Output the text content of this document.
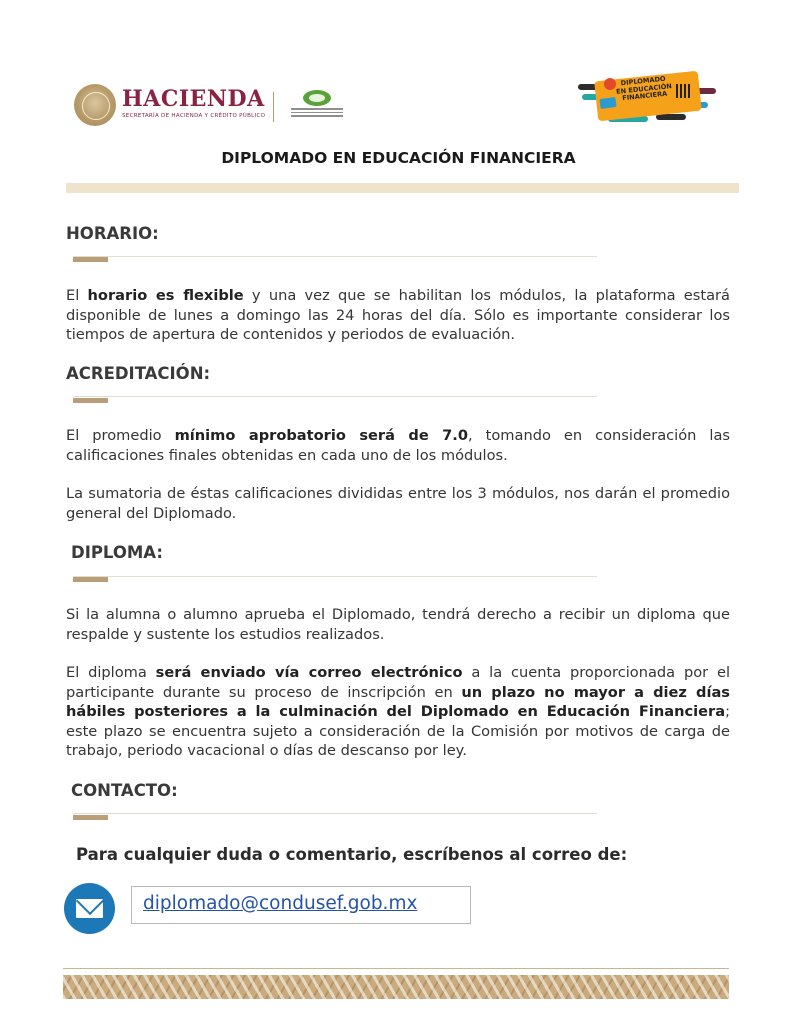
HACIENDA
SECRETARÍA DE HACIENDA Y CRÉDITO PÚBLICO
DIPLOMADO EN EDUCACIÓN FINANCIERA
DIPLOMADO EN EDUCACIÓN FINANCIERA
HORARIO:
El horario es flexible y una vez que se habilitan los módulos, la plataforma estará disponible de lunes a domingo las 24 horas del día. Sólo es importante considerar los tiempos de apertura de contenidos y periodos de evaluación.
ACREDITACIÓN:
El promedio mínimo aprobatorio será de 7.0, tomando en consideración las calificaciones finales obtenidas en cada uno de los módulos.
La sumatoria de éstas calificaciones divididas entre los 3 módulos, nos darán el promedio general del Diplomado.
DIPLOMA:
Si la alumna o alumno aprueba el Diplomado, tendrá derecho a recibir un diploma que respalde y sustente los estudios realizados.
El diploma será enviado vía correo electrónico a la cuenta proporcionada por el participante durante su proceso de inscripción en un plazo no mayor a diez días hábiles posteriores a la culminación del Diplomado en Educación Financiera; este plazo se encuentra sujeto a consideración de la Comisión por motivos de carga de trabajo, periodo vacacional o días de descanso por ley.
CONTACTO:
Para cualquier duda o comentario, escríbenos al correo de:
diplomado@condusef.gob.mx
